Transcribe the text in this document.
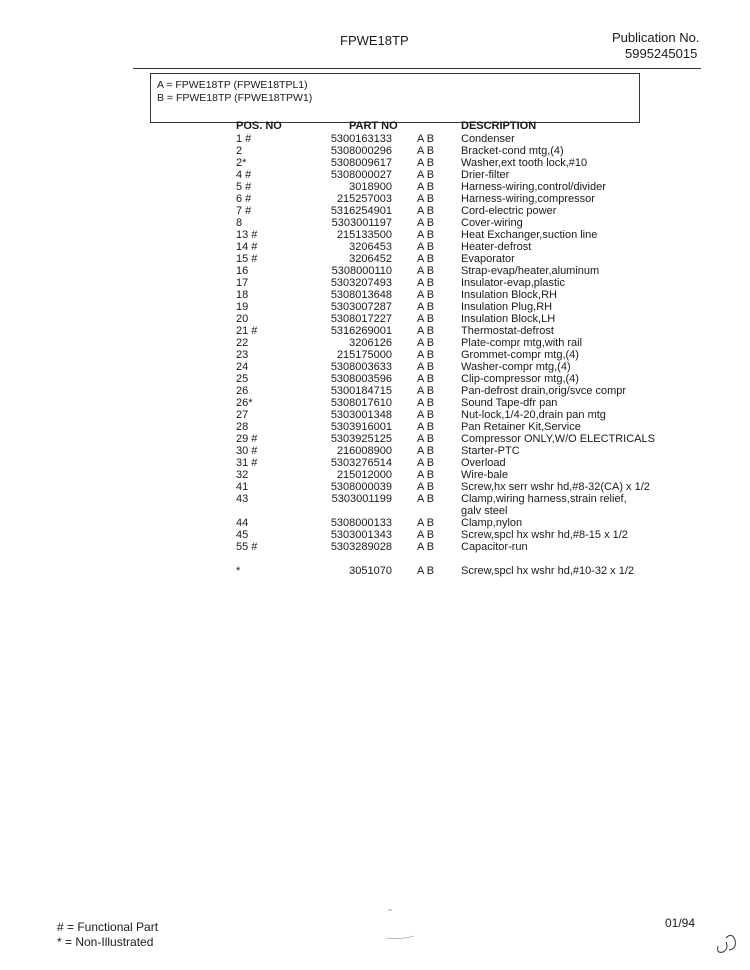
FPWE18TP	Publication No.
5995245015
A = FPWE18TP (FPWE18TPL1)
B = FPWE18TP (FPWE18TPW1)
POS. NO	PART NO	DESCRIPTION
1 #	5300163133 A B Condenser
2	5308000296 A B Bracket-cond mtg,(4)
2*	5308009617 A B Washer,ext tooth lock,#10
4 #	5308000027 A B Drier-filter
5 #	3018900 A B Harness-wiring,control/divider
6 #	215257003 A B Harness-wiring,compressor
7 #	5316254901 A B Cord-electric power
8	5303001197 A B Cover-wiring
13 #	215133500 A B Heat Exchanger,suction line
14 #	3206453 A B Heater-defrost
15 #	3206452 A B Evaporator
16	5308000110 A B Strap-evap/heater,aluminum
17	5303207493 A B Insulator-evap,plastic
18	5308013648 A B Insulation Block,RH
19	5303007287 A B Insulation Plug,RH
20	5308017227 A B Insulation Block,LH
21 #	5316269001 A B Thermostat-defrost
22	3206126 A B Plate-compr mtg,with rail
23	215175000 A B Grommet-compr mtg,(4)
24	5308003633 A B Washer-compr mtg,(4)
25	5308003596 A B Clip-compressor mtg,(4)
26	5300184715 A B Pan-defrost drain,orig/svce compr
26*	5308017610 A B Sound Tape-dfr pan
27	5303001348 A B Nut-lock,1/4-20,drain pan mtg
28	5303916001 A B Pan Retainer Kit,Service
29 #	5303925125 A B Compressor ONLY,W/O ELECTRICALS
30 #	216008900 A B Starter-PTC
31 #	5303276514 A B Overload
32	215012000 A B Wire-bale
41	5308000039 A B Screw,hx serr wshr hd,#8-32(CA) x 1/2
43	5303001199 A B Clamp,wiring harness,strain relief,
galv steel
44	5308000133 A B Clamp,nylon
45	5303001343 A B Screw,spcl hx wshr hd,#8-15 x 1/2
55 #	5303289028 A B Capacitor-run
*	3051070 A B Screw,spcl hx wshr hd,#10-32 x 1/2
# = Functional Part
* = Non-Illustrated
01/94
